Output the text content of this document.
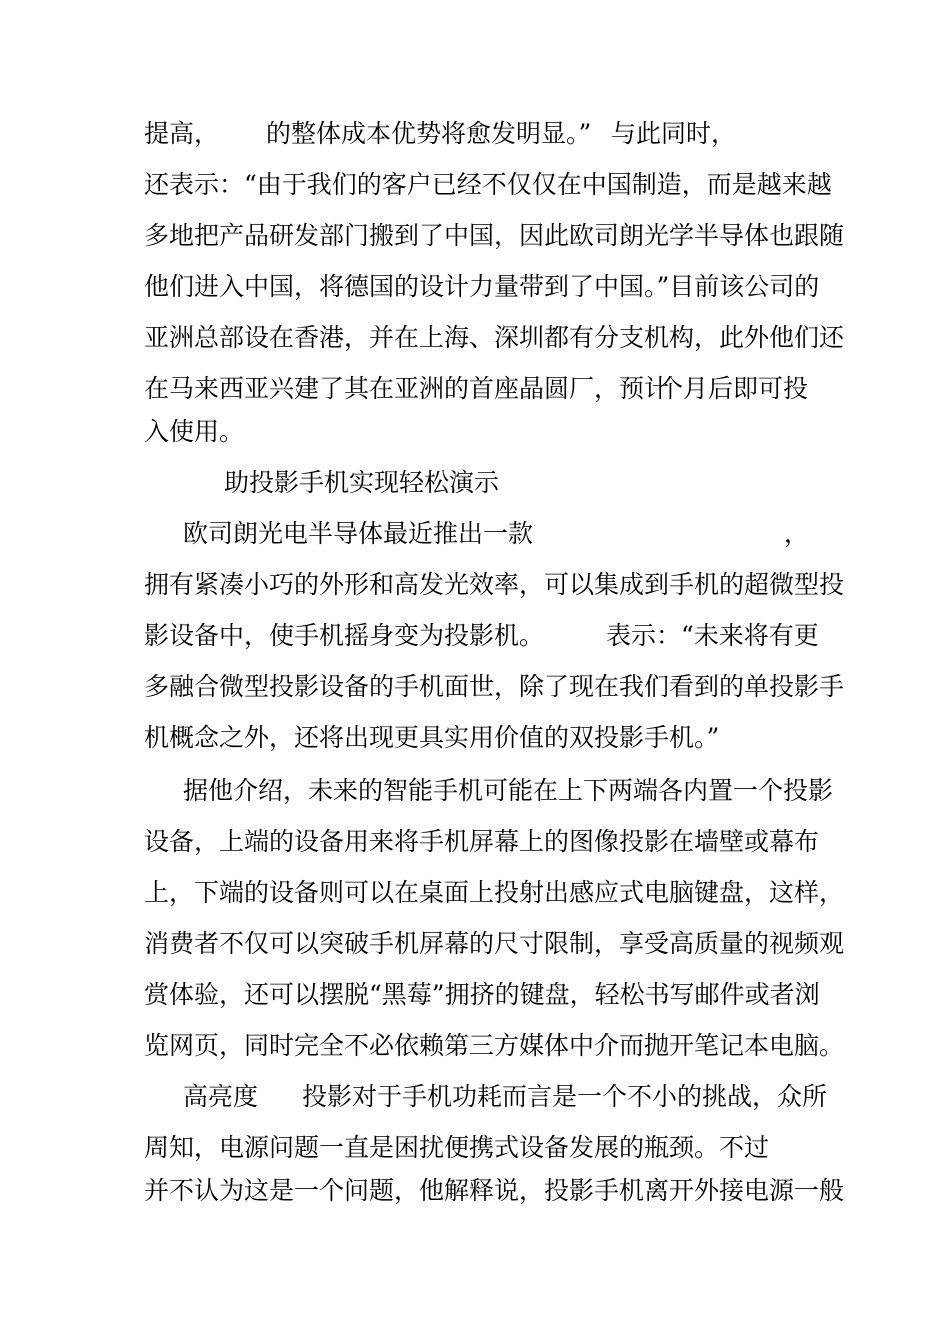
提高， 的整体成本优势将愈发明显。” 与此同时，
还表示：“由于我们的客户已经不仅仅在中国制造，而是越来越
多地把产品研发部门搬到了中国，因此欧司朗光学半导体也跟随
他们进入中国，将德国的设计力量带到了中国。”目前该公司的
亚洲总部设在香港，并在上海、深圳都有分支机构，此外他们还
在马来西亚兴建了其在亚洲的首座晶圆厂，预计
个月后即可投
入使用。
助投影手机实现轻松演示
欧司朗光电半导体最近推出一款	，
拥有紧凑小巧的外形和高发光效率，可以集成到手机的超微型投
影设备中，使手机摇身变为投影机。 表示：“未来将有更
多融合微型投影设备的手机面世，除了现在我们看到的单投影手
机概念之外，还将出现更具实用价值的双投影手机。”
据他介绍，未来的智能手机可能在上下两端各内置一个投影
设备，上端的设备用来将手机屏幕上的图像投影在墙壁或幕布
上，下端的设备则可以在桌面上投射出感应式电脑键盘，这样，
消费者不仅可以突破手机屏幕的尺寸限制，享受高质量的视频观
赏体验，还可以摆脱“黑莓”拥挤的键盘，轻松书写邮件或者浏
览网页，同时完全不必依赖第三方媒体中介而抛开笔记本电脑。
高亮度 投影对于手机功耗而言是一个不小的挑战，众所
周知，电源问题一直是困扰便携式设备发展的瓶颈。不过
并不认为这是一个问题，他解释说，投影手机离开外接电源一般
